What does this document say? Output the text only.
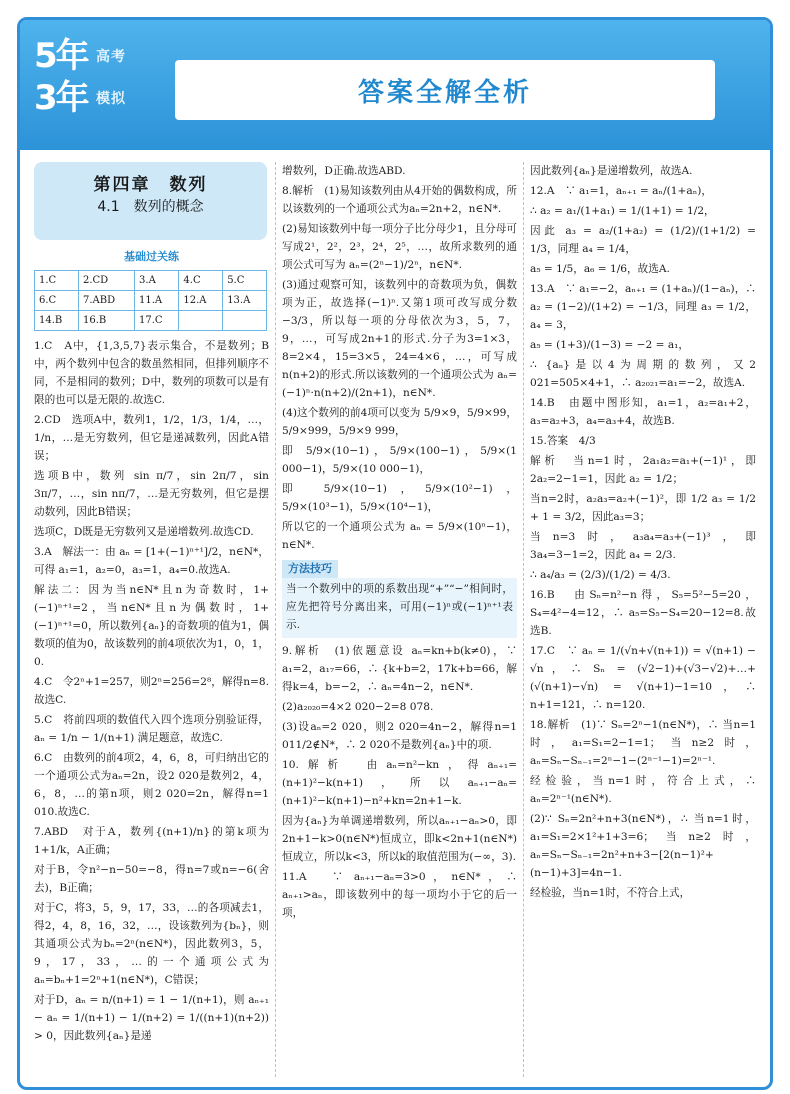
5年 高考
3年 模拟	答案全解全析
第四章　数列
4.1　数列的概念
基础过关练
1.C	2.CD	3.A	4.C	5.C
6.C	7.ABD	11.A	12.A	13.A
14.B	16.B	17.C		

1.C　A中，{1,3,5,7}表示集合，不是数列；B中，两个数列中包含的数虽然相同，但排列顺序不同，不是相同的数列；D中，数列的项数可以是有限的也可以是无限的.故选C.

2.CD　选项A中，数列1，1/2，1/3，1/4，…，1/n，…是无穷数列，但它是递减数列，因此A错误；

选项B中，数列 sin π/7，sin 2π/7，sin 3π/7，…，sin nπ/7，…是无穷数列，但它是摆动数列，因此B错误；

选项C，D既是无穷数列又是递增数列.故选CD.

3.A　解法一：由 aₙ = [1+(−1)ⁿ⁺¹]/2，n∈N*，可得 a₁=1，a₂=0，a₃=1，a₄=0.故选A.

解法二：因为当n∈N*且n为奇数时，1+(−1)ⁿ⁺¹=2，当n∈N*且n为偶数时，1+(−1)ⁿ⁺¹=0，所以数列{aₙ}的奇数项的值为1，偶数项的值为0，故该数列的前4项依次为1，0，1，0.

4.C　令2ⁿ+1=257，则2ⁿ=256=2⁸，解得n=8.故选C.

5.C　将前四项的数值代入四个选项分别验证得，aₙ = 1/n − 1/(n+1) 满足题意，故选C.

6.C　由数列的前4项2，4，6，8，可归纳出它的一个通项公式为aₙ=2n，设2 020是数列2，4，6，8，…的第n项，则2 020=2n，解得n=1 010.故选C.

7.ABD　对于A，数列{(n+1)/n}的第k项为1+1/k，A正确；

对于B，令n²−n−50=−8，得n=7或n=−6(舍去)，B正确；

对于C，将3，5，9，17，33，…的各项减去1，得2，4，8，16，32，…，设该数列为{bₙ}，则其通项公式为bₙ=2ⁿ(n∈N*)，因此数列3，5，9，17，33，…的一个通项公式为aₙ=bₙ+1=2ⁿ+1(n∈N*)，C错误；

对于D，aₙ = n/(n+1) = 1 − 1/(n+1)，则 aₙ₊₁ − aₙ = 1/(n+1) − 1/(n+2) = 1/((n+1)(n+2)) > 0，因此数列{aₙ}是递

增数列，D正确.故选ABD.

8.解析　(1)易知该数列由从4开始的偶数构成，所以该数列的一个通项公式为aₙ=2n+2，n∈N*.

(2)易知该数列中每一项分子比分母少1，且分母可写成2¹，2²，2³，2⁴，2⁵，…，故所求数列的通项公式可写为 aₙ=(2ⁿ−1)/2ⁿ，n∈N*.

(3)通过观察可知，该数列中的奇数项为负，偶数项为正，故选择(−1)ⁿ.又第1项可改写成分数−3/3，所以每一项的分母依次为3，5，7，9，…，可写成2n+1的形式.分子为3=1×3，8=2×4，15=3×5，24=4×6，…，可写成n(n+2)的形式.所以该数列的一个通项公式为 aₙ=(−1)ⁿ·n(n+2)/(2n+1)，n∈N*.

(4)这个数列的前4项可以变为 5/9×9，5/9×99，5/9×999，5/9×9 999，

即 5/9×(10−1)，5/9×(100−1)，5/9×(1 000−1)，5/9×(10 000−1)，

即 5/9×(10−1)，5/9×(10²−1)，5/9×(10³−1)，5/9×(10⁴−1)，

所以它的一个通项公式为 aₙ = 5/9×(10ⁿ−1)，n∈N*.

方法技巧

当一个数列中的项的系数出现“+”“−”相间时，应先把符号分离出来，可用(−1)ⁿ或(−1)ⁿ⁺¹表示.

9.解析　(1)依题意设 aₙ=kn+b(k≠0)，∵ a₁=2，a₁₇=66，∴ {k+b=2，17k+b=66，解得k=4，b=−2，∴ aₙ=4n−2，n∈N*.

(2)a₂₀₂₀=4×2 020−2=8 078.

(3)设aₙ=2 020，则2 020=4n−2，解得n=1 011/2∉N*，∴ 2 020不是数列{aₙ}中的项.

10.解析　由aₙ=n²−kn，得aₙ₊₁=(n+1)²−k(n+1)，所以aₙ₊₁−aₙ=(n+1)²−k(n+1)−n²+kn=2n+1−k.

因为{aₙ}为单调递增数列，所以aₙ₊₁−aₙ>0，即2n+1−k>0(n∈N*)恒成立，即k<2n+1(n∈N*)恒成立，所以k<3，所以k的取值范围为(−∞，3).

11.A　∵ aₙ₊₁−aₙ=3>0，n∈N*，∴ aₙ₊₁>aₙ，即该数列中的每一项均小于它的后一项，

因此数列{aₙ}是递增数列，故选A.

12.A　∵ a₁=1，aₙ₊₁ = aₙ/(1+aₙ)，

∴ a₂ = a₁/(1+a₁) = 1/(1+1) = 1/2，

因此 a₃ = a₂/(1+a₂) = (1/2)/(1+1/2) = 1/3，同理 a₄ = 1/4，

a₅ = 1/5，a₆ = 1/6，故选A.

13.A　∵ a₁=−2，aₙ₊₁ = (1+aₙ)/(1−aₙ)，∴ a₂ = (1−2)/(1+2) = −1/3，同理 a₃ = 1/2，a₄ = 3，

a₅ = (1+3)/(1−3) = −2 = a₁，

∴ {aₙ}是以4为周期的数列，又2 021=505×4+1，∴ a₂₀₂₁=a₁=−2，故选A.

14.B　由题中图形知，a₁=1，a₂=a₁+2，a₃=a₂+3，a₄=a₃+4，故选B.

15.答案　4/3

解析　当n=1时，2a₁a₂=a₁+(−1)¹，即2a₂=2−1=1，因此 a₂ = 1/2；

当n=2时，a₂a₃=a₂+(−1)²，即 1/2 a₃ = 1/2 + 1 = 3/2，因此a₃=3；

当n=3时，a₃a₄=a₃+(−1)³，即3a₄=3−1=2，因此 a₄ = 2/3.

∴ a₄/a₃ = (2/3)/(1/2) = 4/3.

16.B　由Sₙ=n²−n得，S₅=5²−5=20，S₄=4²−4=12，∴ a₅=S₅−S₄=20−12=8.故选B.

17.C　∵ aₙ = 1/(√n+√(n+1)) = √(n+1) − √n，∴ Sₙ = (√2−1)+(√3−√2)+…+(√(n+1)−√n) = √(n+1)−1=10，∴ n+1=121，∴ n=120.

18.解析　(1)∵ Sₙ=2ⁿ−1(n∈N*)，∴ 当n=1时，a₁=S₁=2−1=1；当n≥2时，aₙ=Sₙ−Sₙ₋₁=2ⁿ−1−(2ⁿ⁻¹−1)=2ⁿ⁻¹.

经检验，当n=1时，符合上式，∴ aₙ=2ⁿ⁻¹(n∈N*).

(2)∵ Sₙ=2n²+n+3(n∈N*)，∴ 当n=1时，a₁=S₁=2×1²+1+3=6；当n≥2时，aₙ=Sₙ−Sₙ₋₁=2n²+n+3−[2(n−1)²+(n−1)+3]=4n−1.

经检验，当n=1时，不符合上式，
